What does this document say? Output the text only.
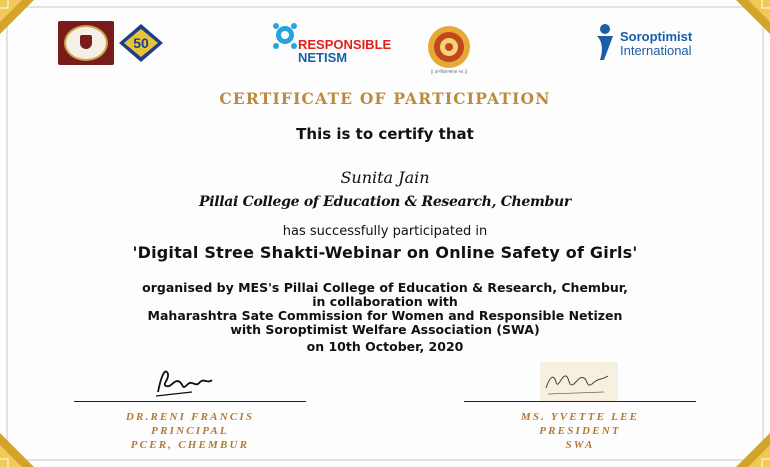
50	RESPONSIBLE
NETISM
|| ज्ञानविज्ञानसंपन्न भव ||
Soroptimist
International
CERTIFICATE OF PARTICIPATION
This is to certify that
Sunita Jain
Pillai College of Education & Research, Chembur
has successfully participated in
'Digital Stree Shakti-Webinar on Online Safety of Girls'
organised by MES's Pillai College of Education & Research, Chembur,
in collaboration with
Maharashtra Sate Commission for Women and Responsible Netizen
with Soroptimist Welfare Association (SWA)
on 10th October, 2020
DR.RENI FRANCIS
PRINCIPAL
PCER, CHEMBUR
MS. YVETTE LEE
PRESIDENT
SWA
